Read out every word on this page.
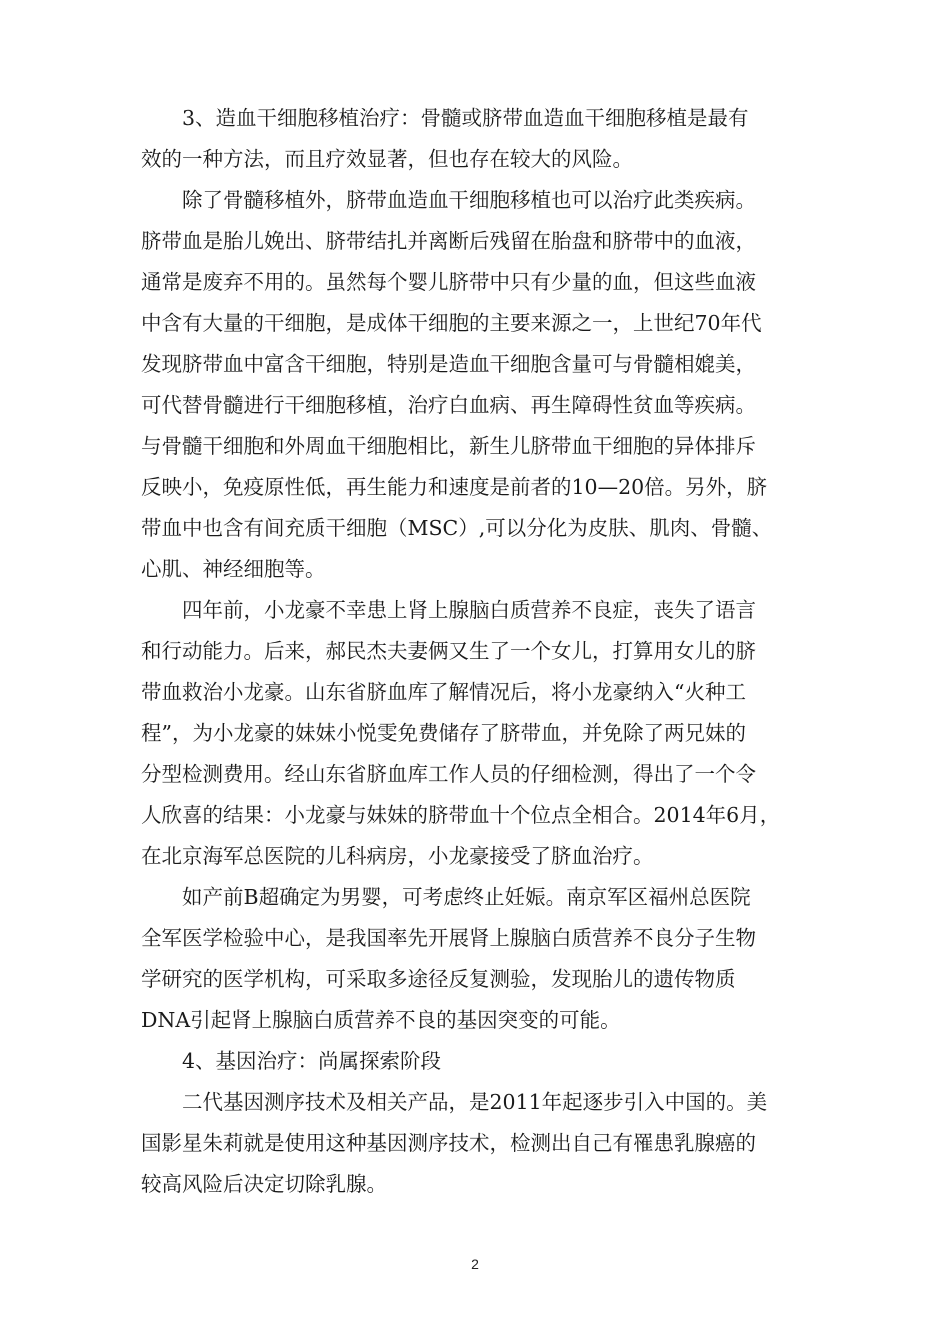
　　3、造血干细胞移植治疗：骨髓或脐带血造血干细胞移植是最有
效的一种方法，而且疗效显著，但也存在较大的风险。
　　除了骨髓移植外，脐带血造血干细胞移植也可以治疗此类疾病。
脐带血是胎儿娩出、脐带结扎并离断后残留在胎盘和脐带中的血液，
通常是废弃不用的。虽然每个婴儿脐带中只有少量的血，但这些血液
中含有大量的干细胞，是成体干细胞的主要来源之一，上世纪70年代
发现脐带血中富含干细胞，特别是造血干细胞含量可与骨髓相媲美，
可代替骨髓进行干细胞移植，治疗白血病、再生障碍性贫血等疾病。
与骨髓干细胞和外周血干细胞相比，新生儿脐带血干细胞的异体排斥
反映小，免疫原性低，再生能力和速度是前者的10—20倍。另外，脐
带血中也含有间充质干细胞（MSC）,可以分化为皮肤、肌肉、骨髓、
心肌、神经细胞等。
　　四年前，小龙豪不幸患上肾上腺脑白质营养不良症，丧失了语言
和行动能力。后来，郝民杰夫妻俩又生了一个女儿，打算用女儿的脐
带血救治小龙豪。山东省脐血库了解情况后，将小龙豪纳入“火种工
程”，为小龙豪的妹妹小悦雯免费储存了脐带血，并免除了两兄妹的
分型检测费用。经山东省脐血库工作人员的仔细检测，得出了一个令
人欣喜的结果：小龙豪与妹妹的脐带血十个位点全相合。2014年6月，
在北京海军总医院的儿科病房，小龙豪接受了脐血治疗。
　　如产前B超确定为男婴，可考虑终止妊娠。南京军区福州总医院
全军医学检验中心，是我国率先开展肾上腺脑白质营养不良分子生物
学研究的医学机构，可采取多途径反复测验，发现胎儿的遗传物质
DNA引起肾上腺脑白质营养不良的基因突变的可能。
　　4、基因治疗：尚属探索阶段
　　二代基因测序技术及相关产品，是2011年起逐步引入中国的。美
国影星朱莉就是使用这种基因测序技术，检测出自己有罹患乳腺癌的
较高风险后决定切除乳腺。
2
